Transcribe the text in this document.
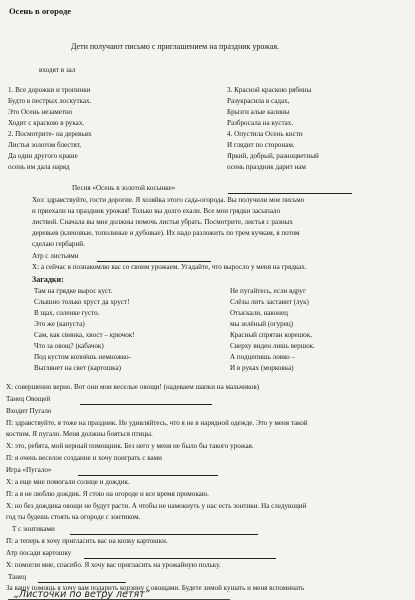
Осень в огороде
Дети получают письмо с приглашением на праздник урожая.
входят в зал
1. Все дорожки и тропинки
Будто в пестрых лоскутках.
Это Осень незаметно
Ходит с краскою в руках.
2. Посмотрите- на деревьях
Листья золотом блестят,
Да один другого краше
осень им дала наряд
3. Красной краскою рябины
Разукрасила в садах,
Брызги алые калины
Разбросала на кустах.
4. Опустила Осень кисти
И глядит по сторонам.
Яркий, добрый, разноцветный
осень праздник дарит нам
Песня «Осень в золотой косынке»
Хоз: здравствуйте, гости дорогие. Я хозяйка этого сада-огорода. Вы получили мое письмо
и приехали на праздник урожая! Только вы долго ехали. Все мои грядки засыпало
листвой. Сначала вы мне должны помочь листья убрать. Посмотрите, листья с разных
деревьев (кленовые, тополиные и дубовые). Их надо разложить по трем кучкам, я потом
сделаю гербарий.
Атр с листьями
Х: а сейчас я познакомлю вас со своим урожаем. Угадайте, что выросло у меня на грядках.
Загадки:
Там на грядке вырос куст.
Слышно только хруст да хруст!
В щах, соленке густо.
Это же (капуста)
Сам, как свинка, хвост – крючок!
Что за овощ? (кабачок)
Под кустом копнёшь немножко-
Выглянет на свет (картошка)
Не пугайтесь, если вдруг
Слёзы лить заставит (лук)
Отыскали, наконец
мы зелёный (огурец)
Красный спрятан корешок,
Сверху виден лишь вершок.
А подцепишь ловко –
И в руках (морковка)
Х: совершенно верно. Вот они мои веселые овощи! (надеваем шапки на мальчиков)
Танец Овощей
Входит Пугало
П: здравствуйте, я тоже на праздник. Не удивляйтесь, что я не в нарядной одежде. Это у меня такой
костюм. Я пугало. Меня должны бояться птицы.
Х: это, ребята, мой верный помощник. Без него у меня не было бы такого урожая.
П: я очень веселое создание и хочу поиграть с вами
Игра «Пугало»
Х: а еще мне помогали солнце и дождик.
П: а я не люблю дождик. Я стою на огороде и все время промокаю.
Х: но без дождика овощи не будут расти. А чтобы не намокнуть у нас есть зонтики. На следующий
год ты будешь стоять на огороде с зонтиком.
Т с зонтиками
П: а теперь я хочу пригласить вас на копку картошки.
Атр посади картошку
Х: помогли мне, спасибо. Я хочу вас пригласить на урожайную польку.
Танец
За вашу помощь я хочу вам подарить корзину с овощами. Будете зимой кушать и меня вспоминать
„Листочки по ветру летят”
